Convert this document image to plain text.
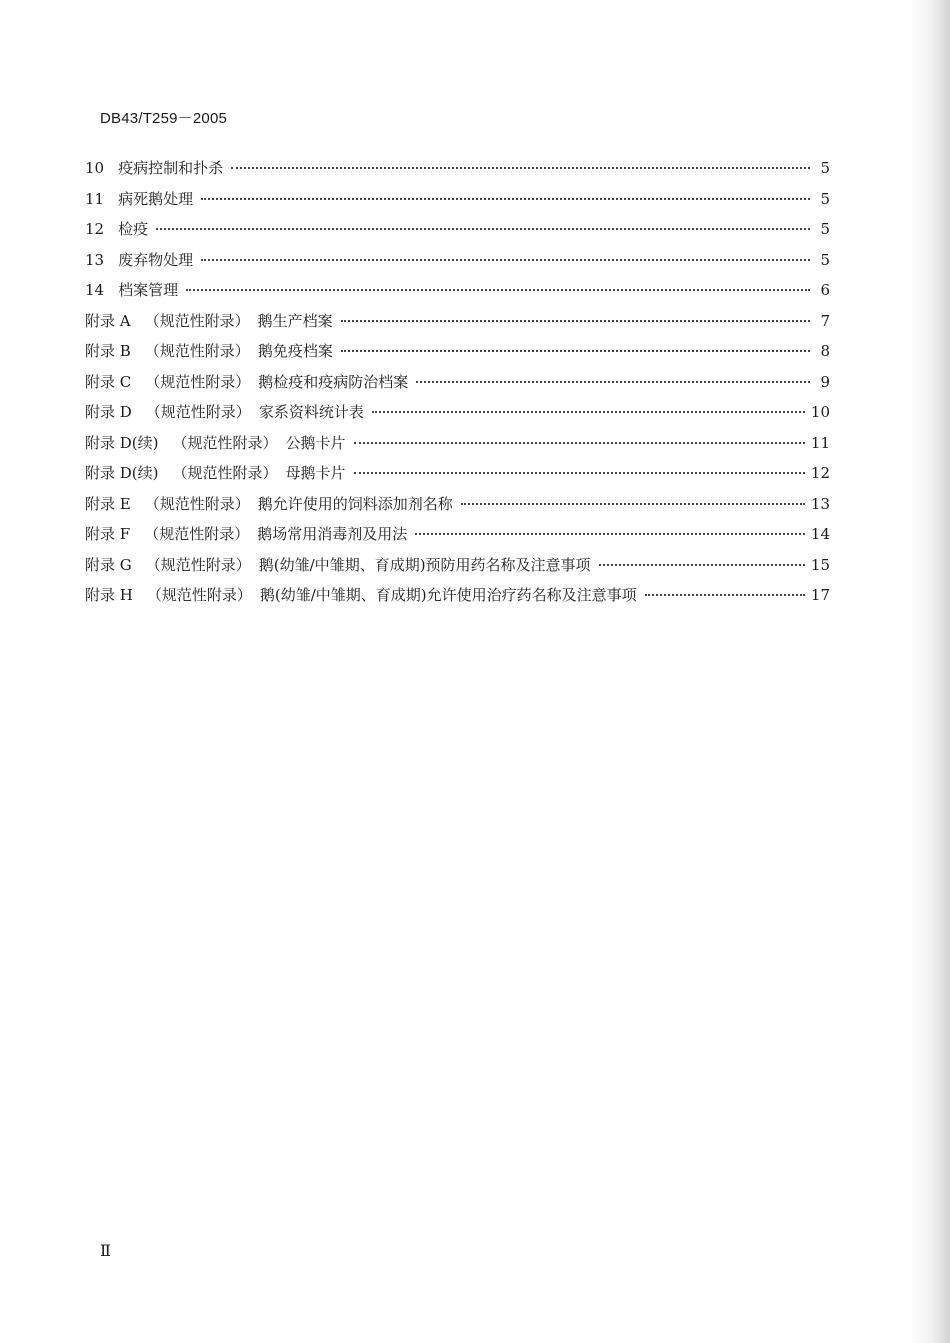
DB43/T259－2005
10 疫病控制和扑杀	5
11 病死鹅处理	5
12 检疫	5
13 废弃物处理	5
14 档案管理	6
附录 A （规范性附录） 鹅生产档案	7
附录 B （规范性附录） 鹅免疫档案	8
附录 C （规范性附录） 鹅检疫和疫病防治档案	9
附录 D （规范性附录） 家系资料统计表	10
附录 D(续) （规范性附录） 公鹅卡片	11
附录 D(续) （规范性附录） 母鹅卡片	12
附录 E （规范性附录） 鹅允许使用的饲料添加剂名称	13
附录 F （规范性附录） 鹅场常用消毒剂及用法	14
附录 G （规范性附录） 鹅(幼雏/中雏期、育成期)预防用药名称及注意事项	15
附录 H （规范性附录） 鹅(幼雏/中雏期、育成期)允许使用治疗药名称及注意事项	17
Ⅱ
